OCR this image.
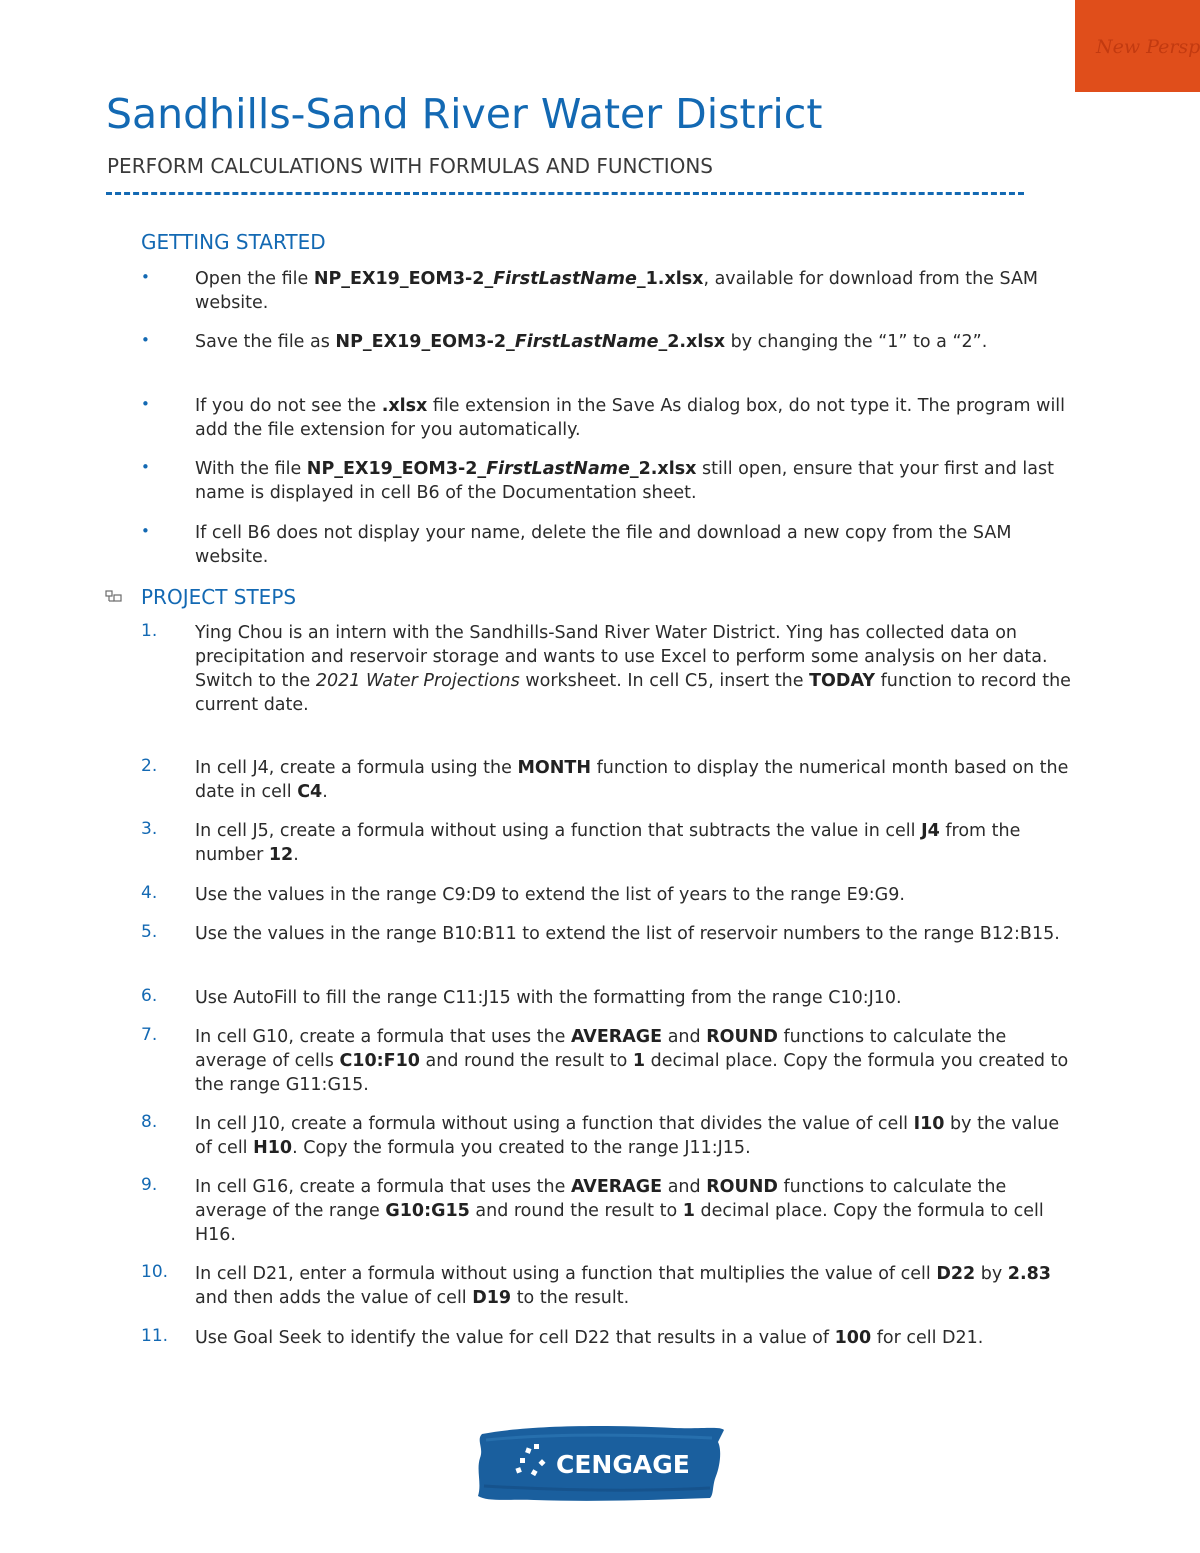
New Persp
Sandhills-Sand River Water District
PERFORM CALCULATIONS WITH FORMULAS AND FUNCTIONS
GETTING STARTED
•	Open the file NP_EX19_EOM3-2_FirstLastName_1.xlsx, available for download from the SAM website.
•	Save the file as NP_EX19_EOM3-2_FirstLastName_2.xlsx by changing the “1” to a “2”.
•	If you do not see the .xlsx file extension in the Save As dialog box, do not type it. The program will add the file extension for you automatically.
•	With the file NP_EX19_EOM3-2_FirstLastName_2.xlsx still open, ensure that your first and last name is displayed in cell B6 of the Documentation sheet.
•	If cell B6 does not display your name, delete the file and download a new copy from the SAM website.
PROJECT STEPS
1. Ying Chou is an intern with the Sandhills-Sand River Water District. Ying has collected data on precipitation and reservoir storage and wants to use Excel to perform some analysis on her data.
Switch to the 2021 Water Projections worksheet. In cell C5, insert the TODAY function to record the current date.
2. In cell J4, create a formula using the MONTH function to display the numerical month based on the date in cell C4.
3. In cell J5, create a formula without using a function that subtracts the value in cell J4 from the number 12.
4. Use the values in the range C9:D9 to extend the list of years to the range E9:G9.
5. Use the values in the range B10:B11 to extend the list of reservoir numbers to the range B12:B15.
6. Use AutoFill to fill the range C11:J15 with the formatting from the range C10:J10.
7. In cell G10, create a formula that uses the AVERAGE and ROUND functions to calculate the average of cells C10:F10 and round the result to 1 decimal place. Copy the formula you created to the range G11:G15.
8. In cell J10, create a formula without using a function that divides the value of cell I10 by the value of cell H10. Copy the formula you created to the range J11:J15.
9. In cell G16, create a formula that uses the AVERAGE and ROUND functions to calculate the average of the range G10:G15 and round the result to 1 decimal place. Copy the formula to cell H16.
10. In cell D21, enter a formula without using a function that multiplies the value of cell D22 by 2.83 and then adds the value of cell D19 to the result.
11. Use Goal Seek to identify the value for cell D22 that results in a value of 100 for cell D21.
CENGAGE
